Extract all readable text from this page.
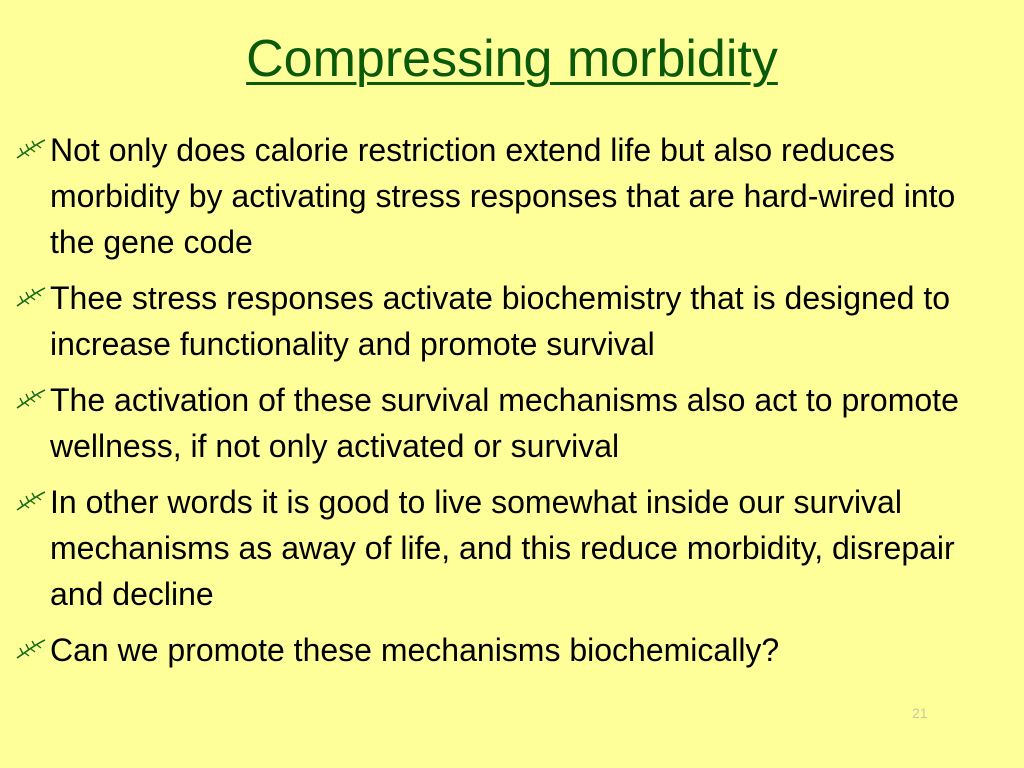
Compressing morbidity
Not only does calorie restriction extend life but also reduces morbidity by activating stress responses that are hard-wired into the gene code
Thee stress responses activate biochemistry that is designed to increase functionality and promote survival
The activation of these survival mechanisms also act to promote wellness, if not only activated or survival
In other words it is good to live somewhat inside our survival mechanisms as away of life, and this reduce morbidity, disrepair and decline
Can we promote these mechanisms biochemically?
21
